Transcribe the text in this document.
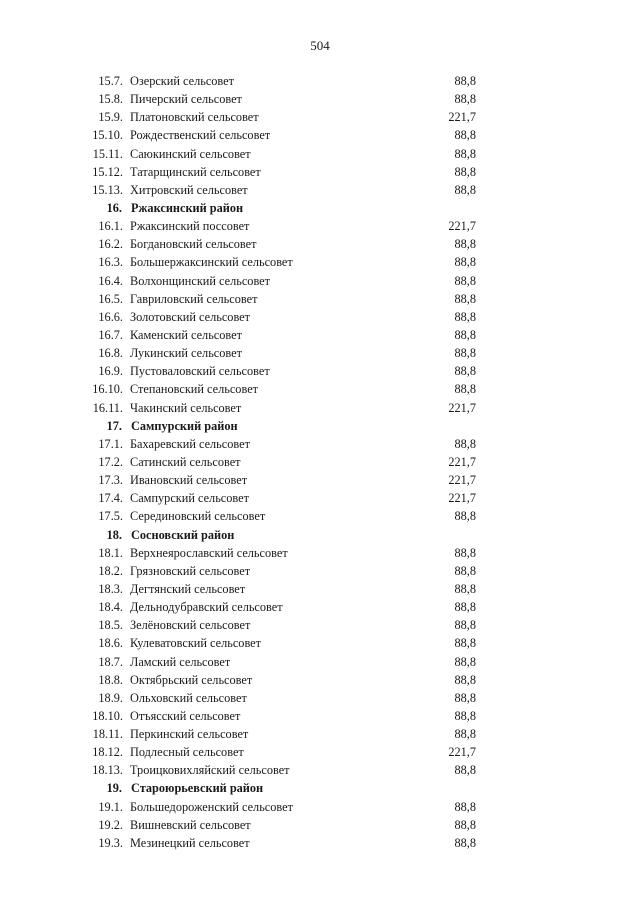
504
15.7. Озерский сельсовет	88,8
15.8. Пичерский сельсовет	88,8
15.9. Платоновский сельсовет	221,7
15.10. Рождественский сельсовет	88,8
15.11. Саюкинский сельсовет	88,8
15.12. Татарщинский сельсовет	88,8
15.13. Хитровский сельсовет	88,8
16. Ржаксинский район
16.1. Ржаксинский поссовет	221,7
16.2. Богдановский сельсовет	88,8
16.3. Большержаксинский сельсовет	88,8
16.4. Волхонщинский сельсовет	88,8
16.5. Гавриловский сельсовет	88,8
16.6. Золотовский сельсовет	88,8
16.7. Каменский сельсовет	88,8
16.8. Лукинский сельсовет	88,8
16.9. Пустоваловский сельсовет	88,8
16.10. Степановский сельсовет	88,8
16.11. Чакинский сельсовет	221,7
17. Сампурский район
17.1. Бахаревский сельсовет	88,8
17.2. Сатинский сельсовет	221,7
17.3. Ивановский сельсовет	221,7
17.4. Сампурский сельсовет	221,7
17.5. Серединовский сельсовет	88,8
18. Сосновский район
18.1. Верхнеярославский сельсовет	88,8
18.2. Грязновский сельсовет	88,8
18.3. Дегтянский сельсовет	88,8
18.4. Дельнодубравский сельсовет	88,8
18.5. Зелёновский сельсовет	88,8
18.6. Кулеватовский сельсовет	88,8
18.7. Ламский сельсовет	88,8
18.8. Октябрьский сельсовет	88,8
18.9. Ольховский сельсовет	88,8
18.10. Отъясский сельсовет	88,8
18.11. Перкинский сельсовет	88,8
18.12. Подлесный сельсовет	221,7
18.13. Троицковихляйский сельсовет	88,8
19. Староюрьевский район
19.1. Большедороженский сельсовет	88,8
19.2. Вишневский сельсовет	88,8
19.3. Мезинецкий сельсовет	88,8
